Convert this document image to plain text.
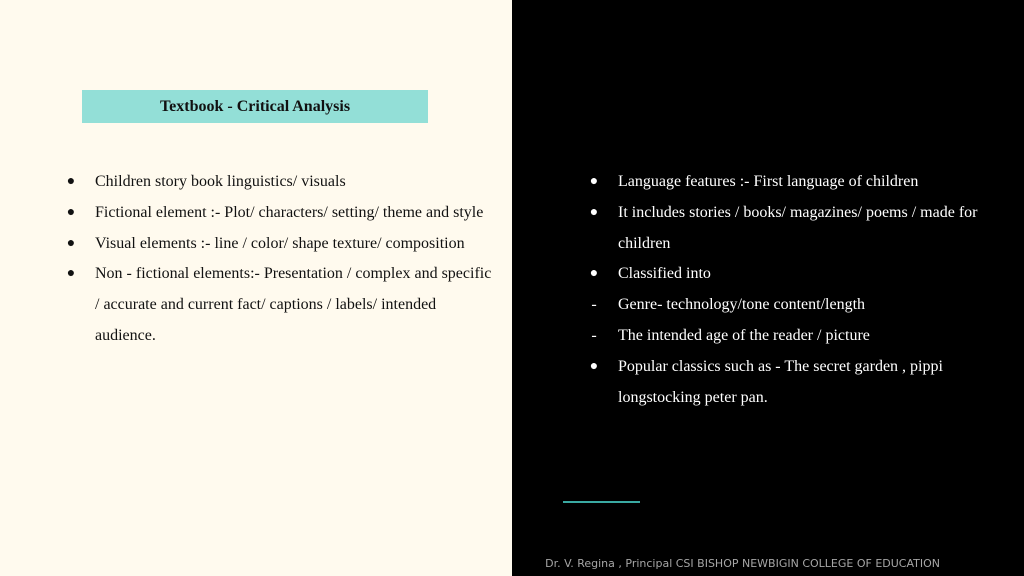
Textbook - Critical Analysis
●	Children story book linguistics/ visuals
●	Fictional element :- Plot/ characters/ setting/ theme and style
●	Visual elements :- line / color/ shape texture/ composition
●	Non - fictional elements:- Presentation / complex and specific / accurate and current fact/ captions / labels/ intended audience.
●	Language features :- First language of children
●	It includes stories / books/ magazines/ poems / made for children
●	Classified into
-	Genre- technology/tone content/length
-	The intended age of the reader / picture
●	Popular classics such as - The secret garden , pippi longstocking peter pan.
Dr. V. Regina , Principal CSI BISHOP NEWBIGIN COLLEGE OF EDUCATION
